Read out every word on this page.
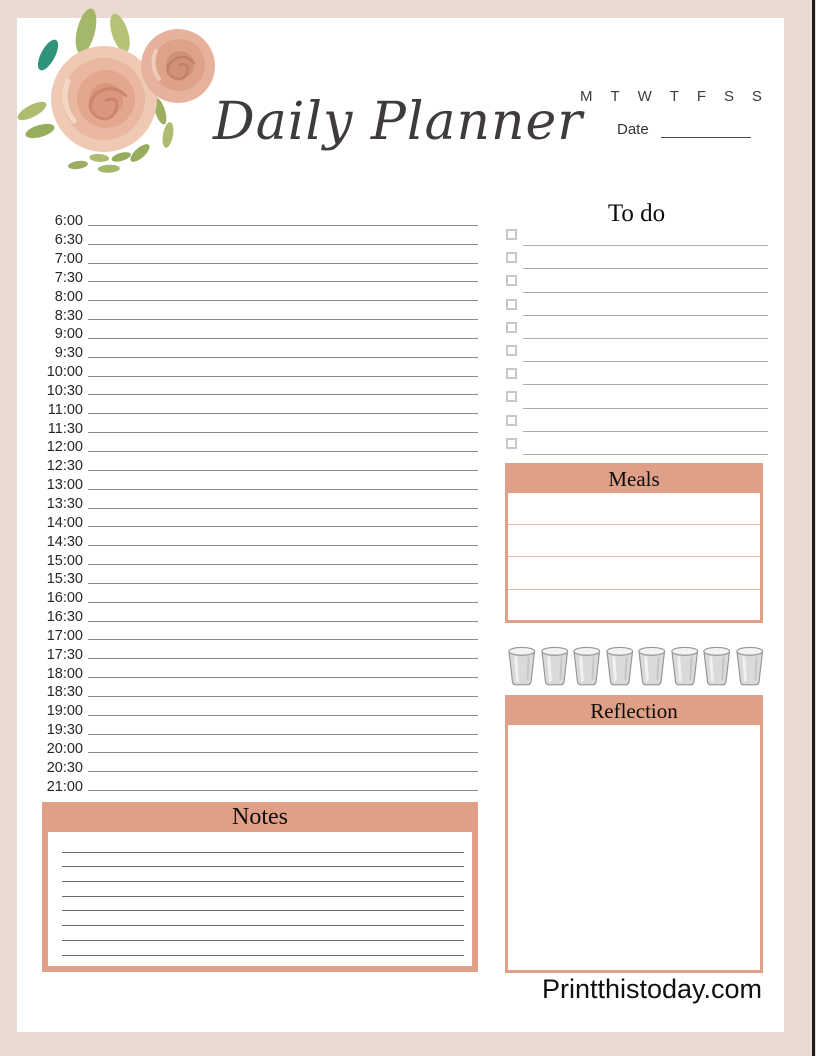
Daily Planner
M T W T F S S
Date
6:00
6:30
7:00
7:30
8:00
8:30
9:00
9:30
10:00
10:30
11:00
11:30
12:00
12:30
13:00
13:30
14:00
14:30
15:00
15:30
16:00
16:30
17:00
17:30
18:00
18:30
19:00
19:30
20:00
20:30
21:00
To do
Meals
Reflection
Notes
Printthistoday.com
